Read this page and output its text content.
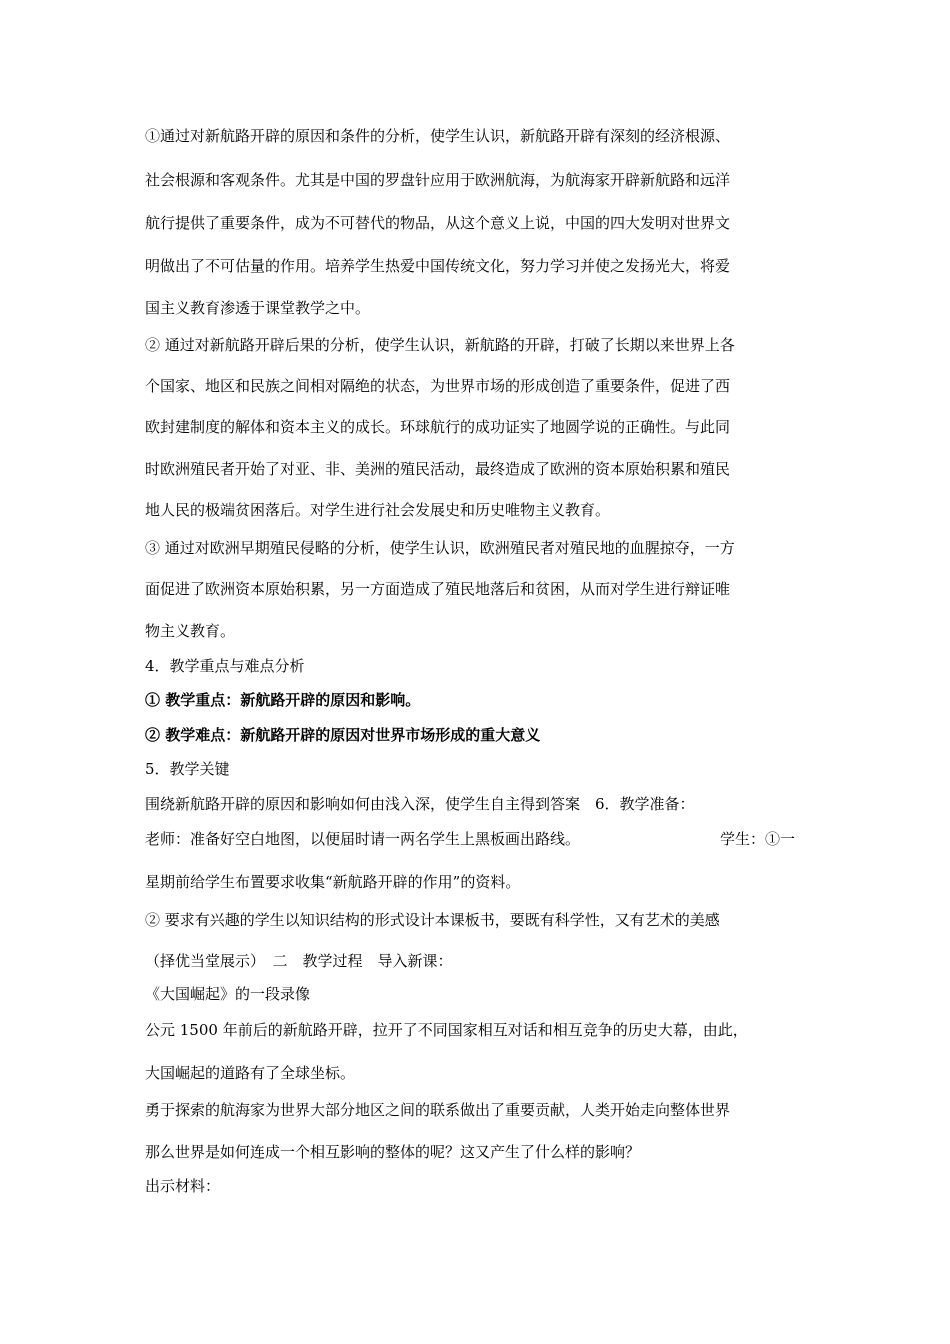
①通过对新航路开辟的原因和条件的分析，使学生认识，新航路开辟有深刻的经济根源、
社会根源和客观条件。尤其是中国的罗盘针应用于欧洲航海，为航海家开辟新航路和远洋
航行提供了重要条件，成为不可替代的物品，从这个意义上说，中国的四大发明对世界文
明做出了不可估量的作用。培养学生热爱中国传统文化，努力学习并使之发扬光大，将爱
国主义教育渗透于课堂教学之中。
② 通过对新航路开辟后果的分析，使学生认识，新航路的开辟，打破了长期以来世界上各
个国家、地区和民族之间相对隔绝的状态，为世界市场的形成创造了重要条件，促进了西
欧封建制度的解体和资本主义的成长。环球航行的成功证实了地圆学说的正确性。与此同
时欧洲殖民者开始了对亚、非、美洲的殖民活动，最终造成了欧洲的资本原始积累和殖民
地人民的极端贫困落后。对学生进行社会发展史和历史唯物主义教育。
③ 通过对欧洲早期殖民侵略的分析，使学生认识，欧洲殖民者对殖民地的血腥掠夺，一方
面促进了欧洲资本原始积累，另一方面造成了殖民地落后和贫困，从而对学生进行辩证唯
物主义教育。
4．教学重点与难点分析
① 教学重点：新航路开辟的原因和影响。
② 教学难点：新航路开辟的原因对世界市场形成的重大意义
5．教学关键
围绕新航路开辟的原因和影响如何由浅入深，使学生自主得到答案　6．教学准备：
老师：准备好空白地图，以便届时请一两名学生上黑板画出路线。	学生：①一
星期前给学生布置要求收集“新航路开辟的作用”的资料。
② 要求有兴趣的学生以知识结构的形式设计本课板书，要既有科学性，又有艺术的美感
（择优当堂展示）　二　教学过程　导入新课：
《大国崛起》的一段录像
公元 1500 年前后的新航路开辟，拉开了不同国家相互对话和相互竞争的历史大幕，由此，
大国崛起的道路有了全球坐标。
勇于探索的航海家为世界大部分地区之间的联系做出了重要贡献，人类开始走向整体世界
那么世界是如何连成一个相互影响的整体的呢？这又产生了什么样的影响？
出示材料：
